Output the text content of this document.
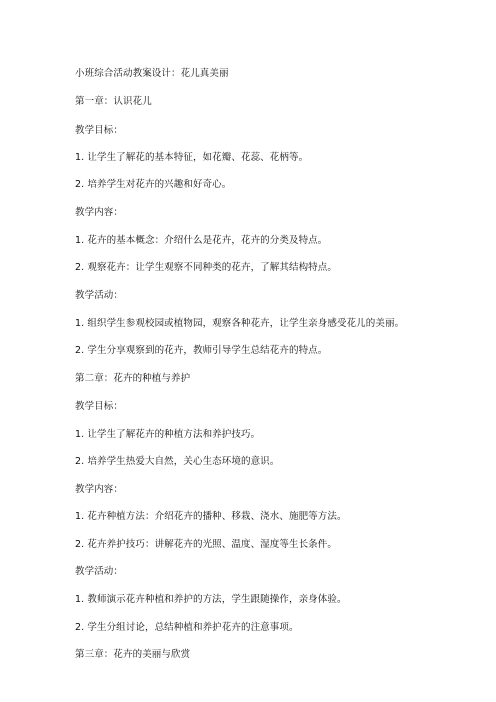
小班综合活动教案设计：花儿真美丽
第一章：认识花儿
教学目标：
1. 让学生了解花的基本特征，如花瓣、花蕊、花柄等。
2. 培养学生对花卉的兴趣和好奇心。
教学内容：
1. 花卉的基本概念：介绍什么是花卉，花卉的分类及特点。
2. 观察花卉：让学生观察不同种类的花卉，了解其结构特点。
教学活动：
1. 组织学生参观校园或植物园，观察各种花卉，让学生亲身感受花儿的美丽。
2. 学生分享观察到的花卉，教师引导学生总结花卉的特点。
第二章：花卉的种植与养护
教学目标：
1. 让学生了解花卉的种植方法和养护技巧。
2. 培养学生热爱大自然，关心生态环境的意识。
教学内容：
1. 花卉种植方法：介绍花卉的播种、移栽、浇水、施肥等方法。
2. 花卉养护技巧：讲解花卉的光照、温度、湿度等生长条件。
教学活动：
1. 教师演示花卉种植和养护的方法，学生跟随操作，亲身体验。
2. 学生分组讨论，总结种植和养护花卉的注意事项。
第三章：花卉的美丽与欣赏
